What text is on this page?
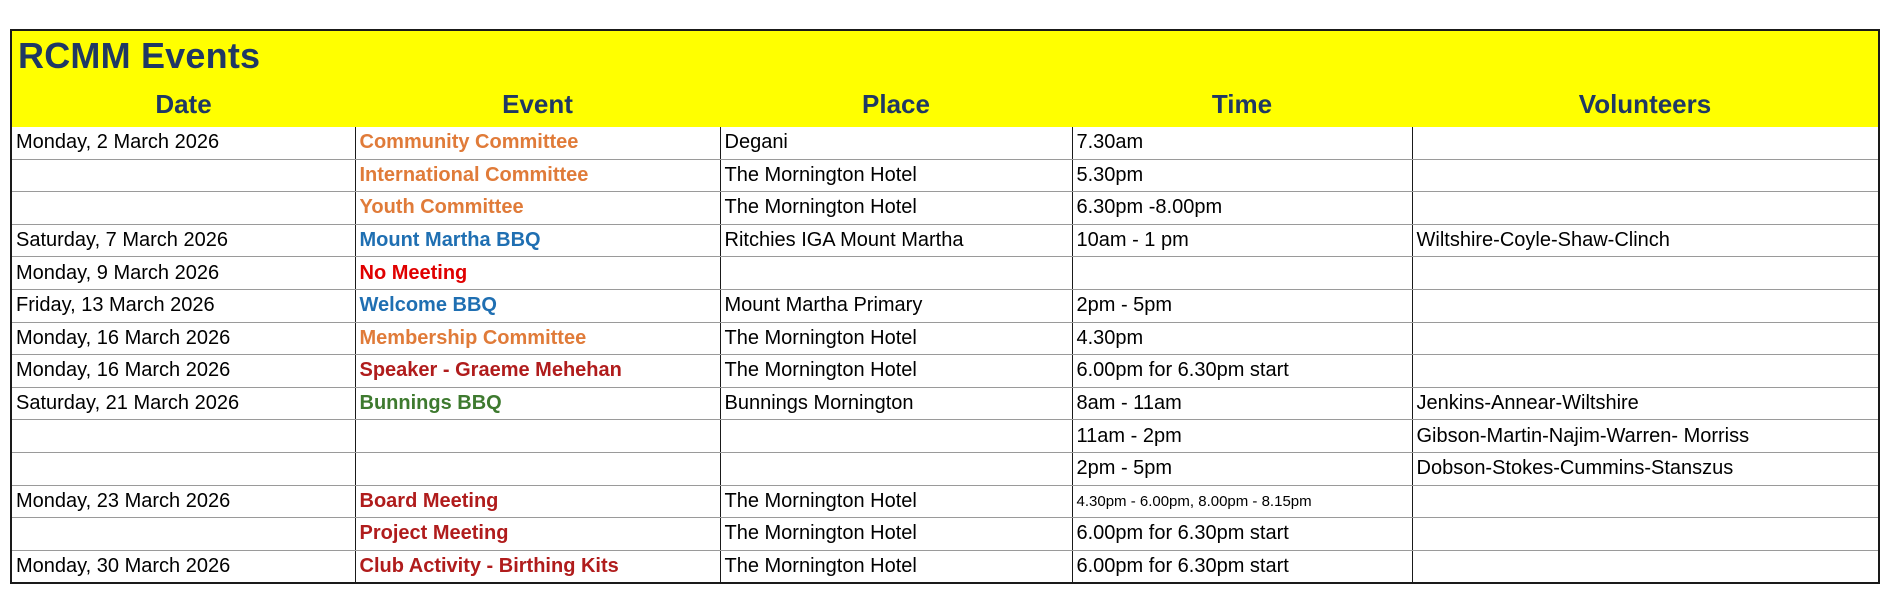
RCMM Events
Date	Event	Place	Time	Volunteers
Monday, 2 March 2026	Community Committee	Degani	7.30am	
	International Committee	The Mornington Hotel	5.30pm	
	Youth Committee	The Mornington Hotel	6.30pm -8.00pm	
Saturday, 7 March 2026	Mount Martha BBQ	Ritchies IGA Mount Martha	10am - 1 pm	Wiltshire-Coyle-Shaw-Clinch
Monday, 9 March 2026	No Meeting			
Friday, 13 March 2026	Welcome BBQ	Mount Martha Primary	2pm - 5pm	
Monday, 16 March 2026	Membership Committee	The Mornington Hotel	4.30pm	
Monday, 16 March 2026	Speaker - Graeme Mehehan	The Mornington Hotel	6.00pm for 6.30pm start	
Saturday, 21 March 2026	Bunnings BBQ	Bunnings Mornington	8am - 11am	Jenkins-Annear-Wiltshire
			11am - 2pm	Gibson-Martin-Najim-Warren- Morriss
			2pm - 5pm	Dobson-Stokes-Cummins-Stanszus
Monday, 23 March 2026	Board Meeting	The Mornington Hotel	4.30pm - 6.00pm, 8.00pm - 8.15pm	
	Project Meeting	The Mornington Hotel	6.00pm for 6.30pm start	
Monday, 30 March 2026	Club Activity - Birthing Kits	The Mornington Hotel	6.00pm for 6.30pm start	
